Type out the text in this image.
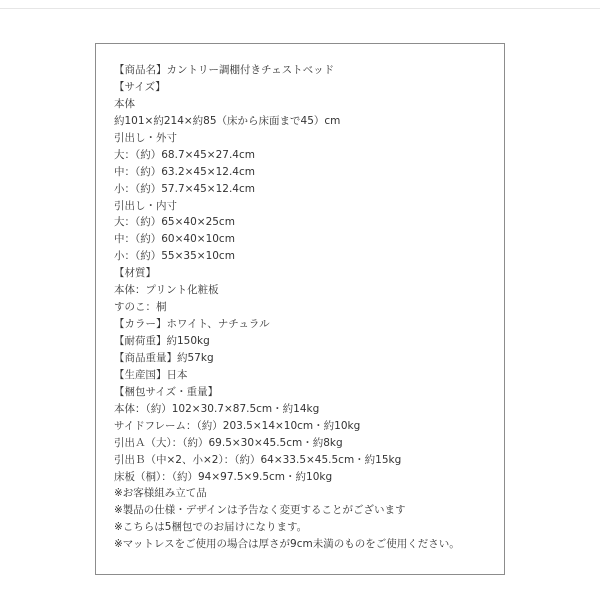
【商品名】カントリー調棚付きチェストベッド
【サイズ】
本体
約101×約214×約85（床から床面まで45）cm
引出し・外寸
大：（約）68.7×45×27.4cm
中：（約）63.2×45×12.4cm
小：（約）57.7×45×12.4cm
引出し・内寸
大：（約）65×40×25cm
中：（約）60×40×10cm
小：（約）55×35×10cm
【材質】
本体：プリント化粧板
すのこ：桐
【カラー】ホワイト、ナチュラル
【耐荷重】約150kg
【商品重量】約57kg
【生産国】日本
【梱包サイズ・重量】
本体：（約）102×30.7×87.5cm・約14kg
サイドフレーム：（約）203.5×14×10cm・約10kg
引出Ａ（大）：（約）69.5×30×45.5cm・約8kg
引出Ｂ（中×2、小×2）：（約）64×33.5×45.5cm・約15kg
床板（桐）：（約）94×97.5×9.5cm・約10kg
※お客様組み立て品
※製品の仕様・デザインは予告なく変更することがございます
※こちらは5梱包でのお届けになります。
※マットレスをご使用の場合は厚さが9cm未満のものをご使用ください。
